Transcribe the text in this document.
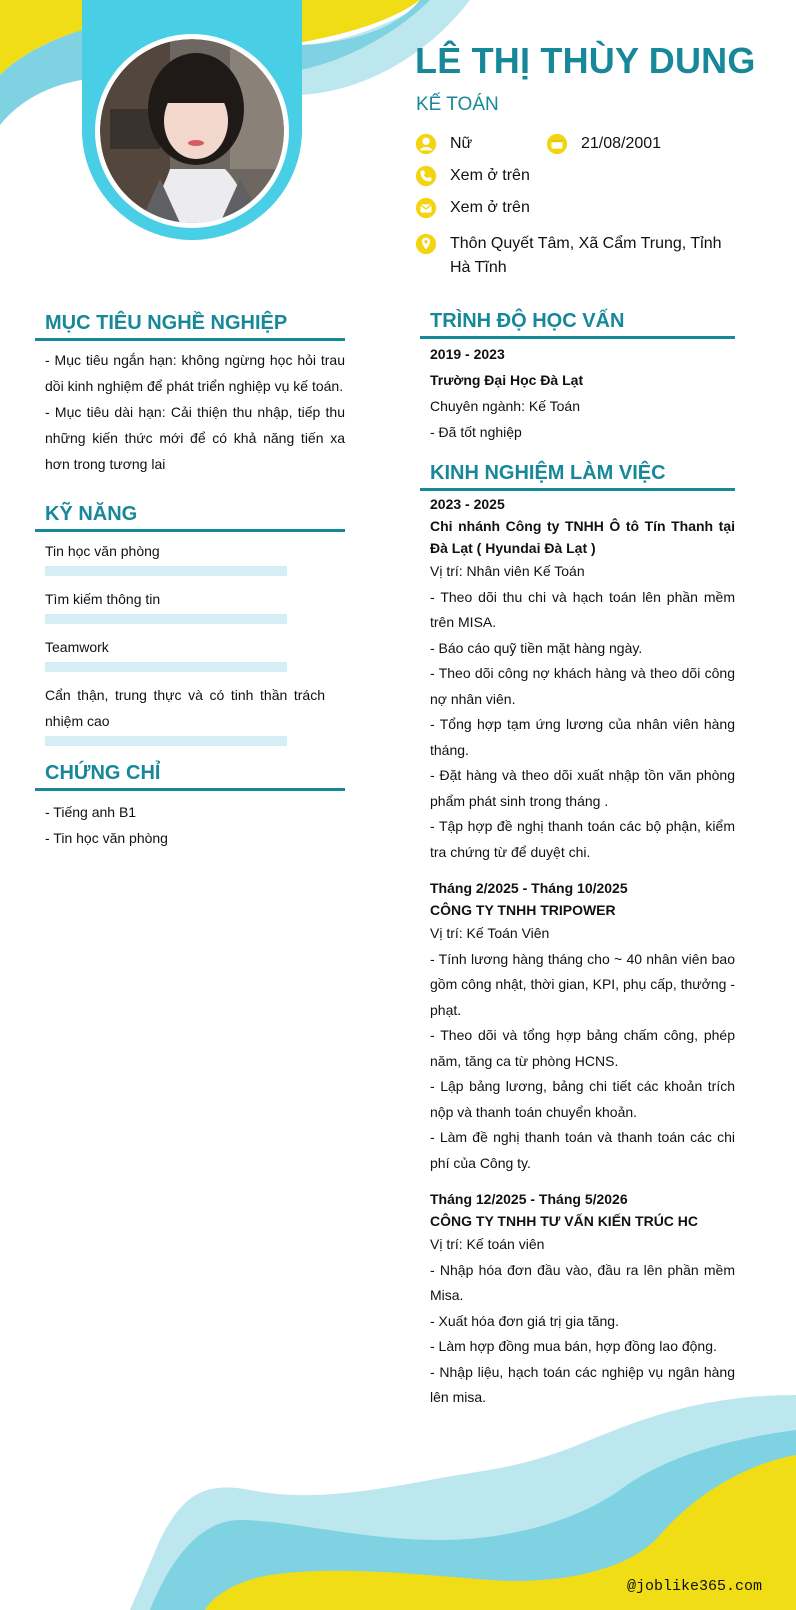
LÊ THỊ THÙY DUNG
KẾ TOÁN
Nữ	21/08/2001
Xem ở trên
Xem ở trên
Thôn Quyết Tâm, Xã Cẩm Trung, Tỉnh Hà Tĩnh
MỤC TIÊU NGHỀ NGHIỆP

- Mục tiêu ngắn hạn: không ngừng học hỏi trau dồi kinh nghiệm để phát triển nghiệp vụ kế toán.

- Mục tiêu dài hạn: Cải thiện thu nhập, tiếp thu những kiến thức mới để có khả năng tiến xa hơn trong tương lai

KỸ NĂNG
Tin học văn phòng
Tìm kiếm thông tin
Teamwork
Cẩn thận, trung thực và có tinh thần trách nhiệm cao
CHỨNG CHỈ

- Tiếng anh B1

- Tin học văn phòng

TRÌNH ĐỘ HỌC VẤN

2019 - 2023

Trường Đại Học Đà Lạt

Chuyên ngành: Kế Toán

- Đã tốt nghiệp

KINH NGHIỆM LÀM VIỆC

2023 - 2025

Chi nhánh Công ty TNHH Ô tô Tín Thanh tại Đà Lạt ( Hyundai Đà Lạt )

Vị trí: Nhân viên Kế Toán

- Theo dõi thu chi và hạch toán lên phần mềm trên MISA.

- Báo cáo quỹ tiền mặt hàng ngày.

- Theo dõi công nợ khách hàng và theo dõi công nợ nhân viên.

- Tổng hợp tạm ứng lương của nhân viên hàng tháng.

- Đặt hàng và theo dõi xuất nhập tồn văn phòng phẩm phát sinh trong tháng .

- Tập hợp đề nghị thanh toán các bộ phận, kiểm tra chứng từ để duyệt chi.

Tháng 2/2025 - Tháng 10/2025

CÔNG TY TNHH TRIPOWER

Vị trí: Kế Toán Viên

- Tính lương hàng tháng cho ~ 40 nhân viên bao gồm công nhật, thời gian, KPI, phụ cấp, thưởng - phạt.

- Theo dõi và tổng hợp bảng chấm công, phép năm, tăng ca từ phòng HCNS.

- Lập bảng lương, bảng chi tiết các khoản trích nộp và thanh toán chuyển khoản.

- Làm đề nghị thanh toán và thanh toán các chi phí của Công ty.

Tháng 12/2025 - Tháng 5/2026

CÔNG TY TNHH TƯ VẤN KIẾN TRÚC HC

Vị trí: Kế toán viên

- Nhập hóa đơn đầu vào, đầu ra lên phần mềm Misa.

- Xuất hóa đơn giá trị gia tăng.

- Làm hợp đồng mua bán, hợp đồng lao động.

- Nhập liệu, hạch toán các nghiệp vụ ngân hàng lên misa.

@joblike365.com
